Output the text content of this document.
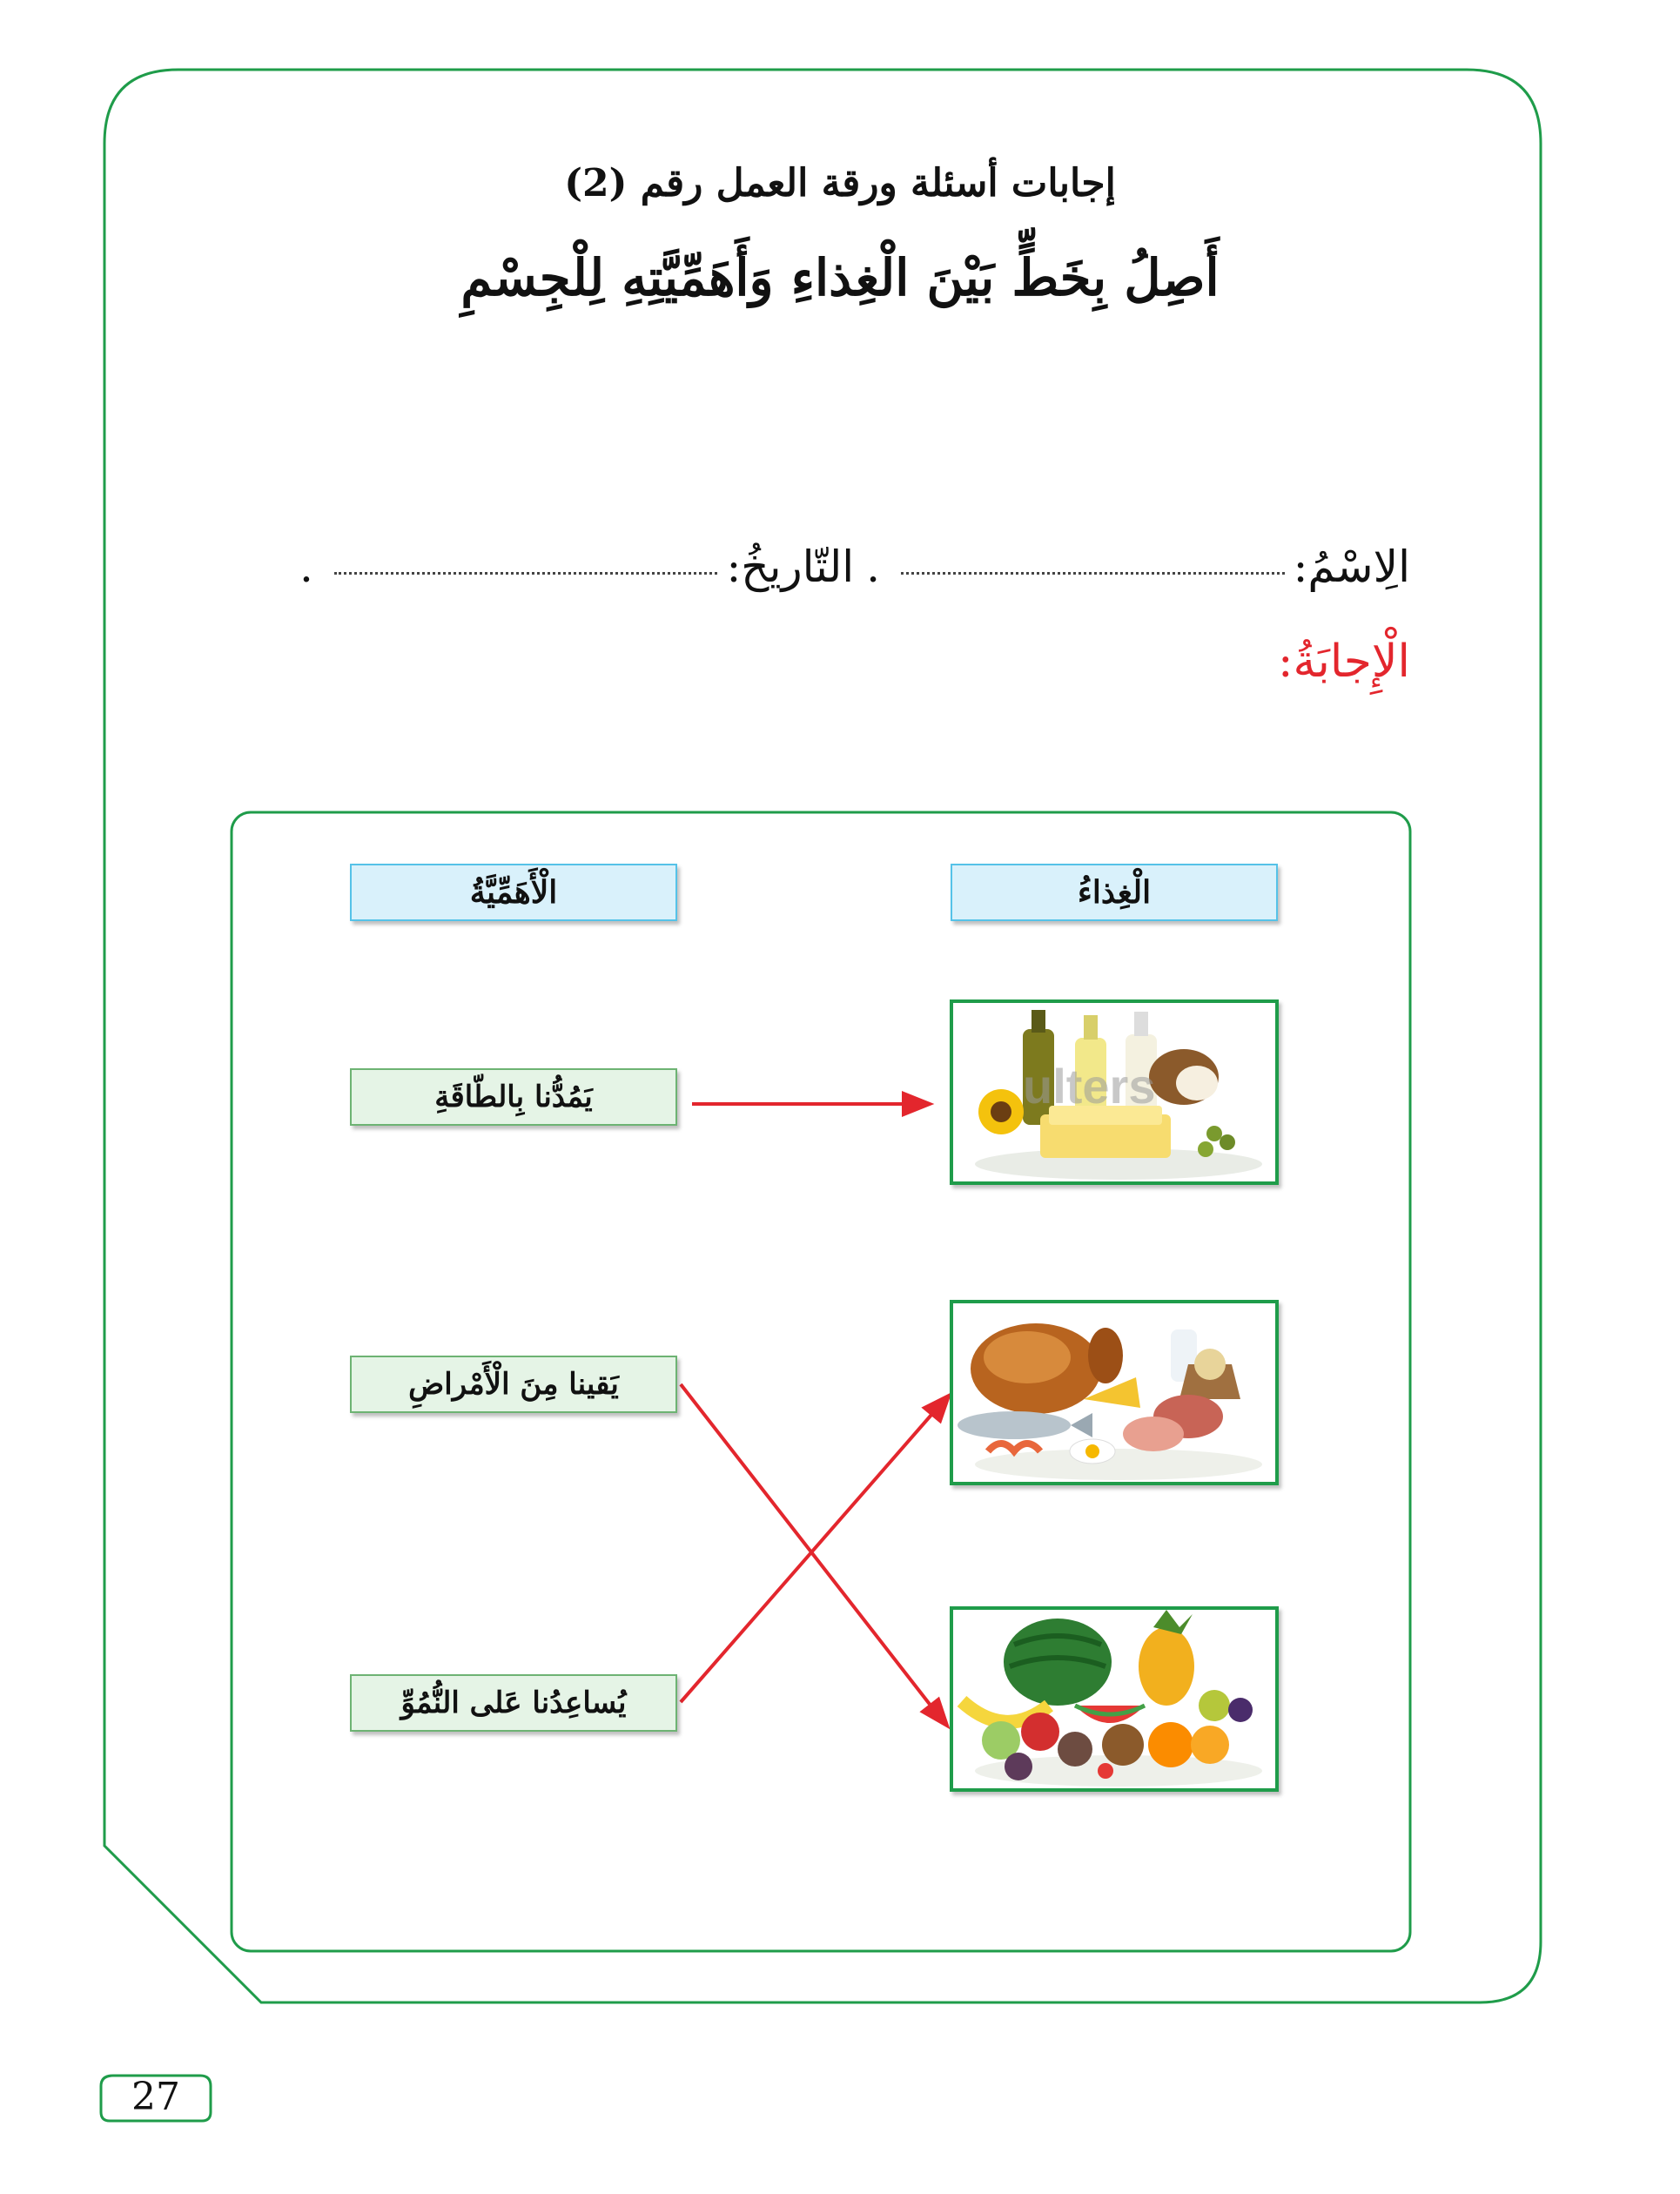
إجابات أسئلة ورقة العمل رقم (2)
أَصِلُ بِخَطٍّ بَيْنَ الْغِذاءِ وَأَهَمِّيَّتِهِ لِلْجِسْمِ
الِاسْمُ:
.
التّاريخُ:
.
الْإِجابَةُ:
الْأَهَمِّيَّةُ	الْغِذاءُ
يَمُدُّنا بِالطّاقَةِ
يَقينا مِنَ الْأَمْراضِ
يُساعِدُنا عَلى النُّمُوِّ
ulters
27
